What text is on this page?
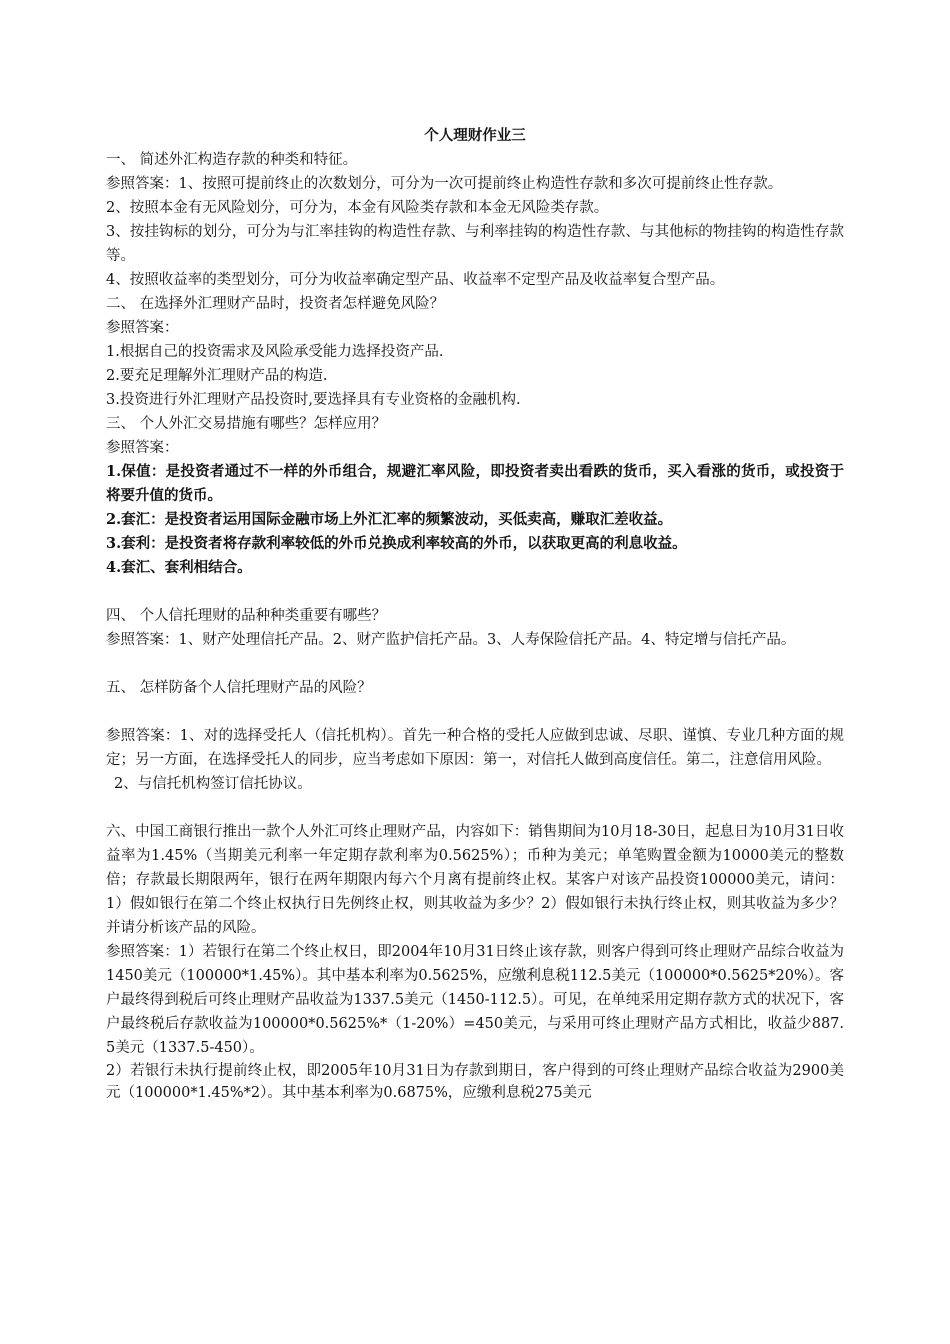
个人理财作业三
一、 简述外汇构造存款的种类和特征。
参照答案：1、按照可提前终止的次数划分，可分为一次可提前终止构造性存款和多次可提前终止性存款。
2、按照本金有无风险划分，可分为，本金有风险类存款和本金无风险类存款。
3、按挂钩标的划分，可分为与汇率挂钩的构造性存款、与利率挂钩的构造性存款、与其他标的物挂钩的构造性存款等。
4、按照收益率的类型划分，可分为收益率确定型产品、收益率不定型产品及收益率复合型产品。
二、 在选择外汇理财产品时，投资者怎样避免风险？
参照答案：
1.根据自己的投资需求及风险承受能力选择投资产品.
2.要充足理解外汇理财产品的构造.
3.投资进行外汇理财产品投资时,要选择具有专业资格的金融机构.
三、 个人外汇交易措施有哪些？怎样应用？
参照答案：
1.保值：是投资者通过不一样的外币组合，规避汇率风险，即投资者卖出看跌的货币，买入看涨的货币，或投资于将要升值的货币。
2.套汇：是投资者运用国际金融市场上外汇汇率的频繁波动，买低卖高，赚取汇差收益。
3.套利：是投资者将存款利率较低的外币兑换成利率较高的外币，以获取更高的利息收益。
4.套汇、套利相结合。
四、 个人信托理财的品种种类重要有哪些？
参照答案：1、财产处理信托产品。2、财产监护信托产品。3、人寿保险信托产品。4、特定增与信托产品。
五、 怎样防备个人信托理财产品的风险？
参照答案：1、对的选择受托人（信托机构）。首先一种合格的受托人应做到忠诚、尽职、谨慎、专业几种方面的规定；另一方面，在选择受托人的同步，应当考虑如下原因：第一，对信托人做到高度信任。第二，注意信用风险。
2、与信托机构签订信托协议。
六、中国工商银行推出一款个人外汇可终止理财产品，内容如下：销售期间为10月18-30日，起息日为10月31日收益率为1.45%（当期美元利率一年定期存款利率为0.5625%）；币种为美元；单笔购置金额为10000美元的整数倍；存款最长期限两年，银行在两年期限内每六个月离有提前终止权。某客户对该产品投资100000美元，请问：1）假如银行在第二个终止权执行日先例终止权，则其收益为多少？2）假如银行未执行终止权，则其收益为多少？并请分析该产品的风险。
参照答案：1）若银行在第二个终止权日，即2004年10月31日终止该存款，则客户得到可终止理财产品综合收益为1450美元（100000*1.45%）。其中基本利率为0.5625%，应缴利息税112.5美元（100000*0.5625*20%）。客户最终得到税后可终止理财产品收益为1337.5美元（1450-112.5）。可见，在单纯采用定期存款方式的状况下，客户最终税后存款收益为100000*0.5625%*（1-20%）=450美元，与采用可终止理财产品方式相比，收益少887.5美元（1337.5-450）。
2）若银行未执行提前终止权，即2005年10月31日为存款到期日，客户得到的可终止理财产品综合收益为2900美元（100000*1.45%*2）。其中基本利率为0.6875%，应缴利息税275美元
